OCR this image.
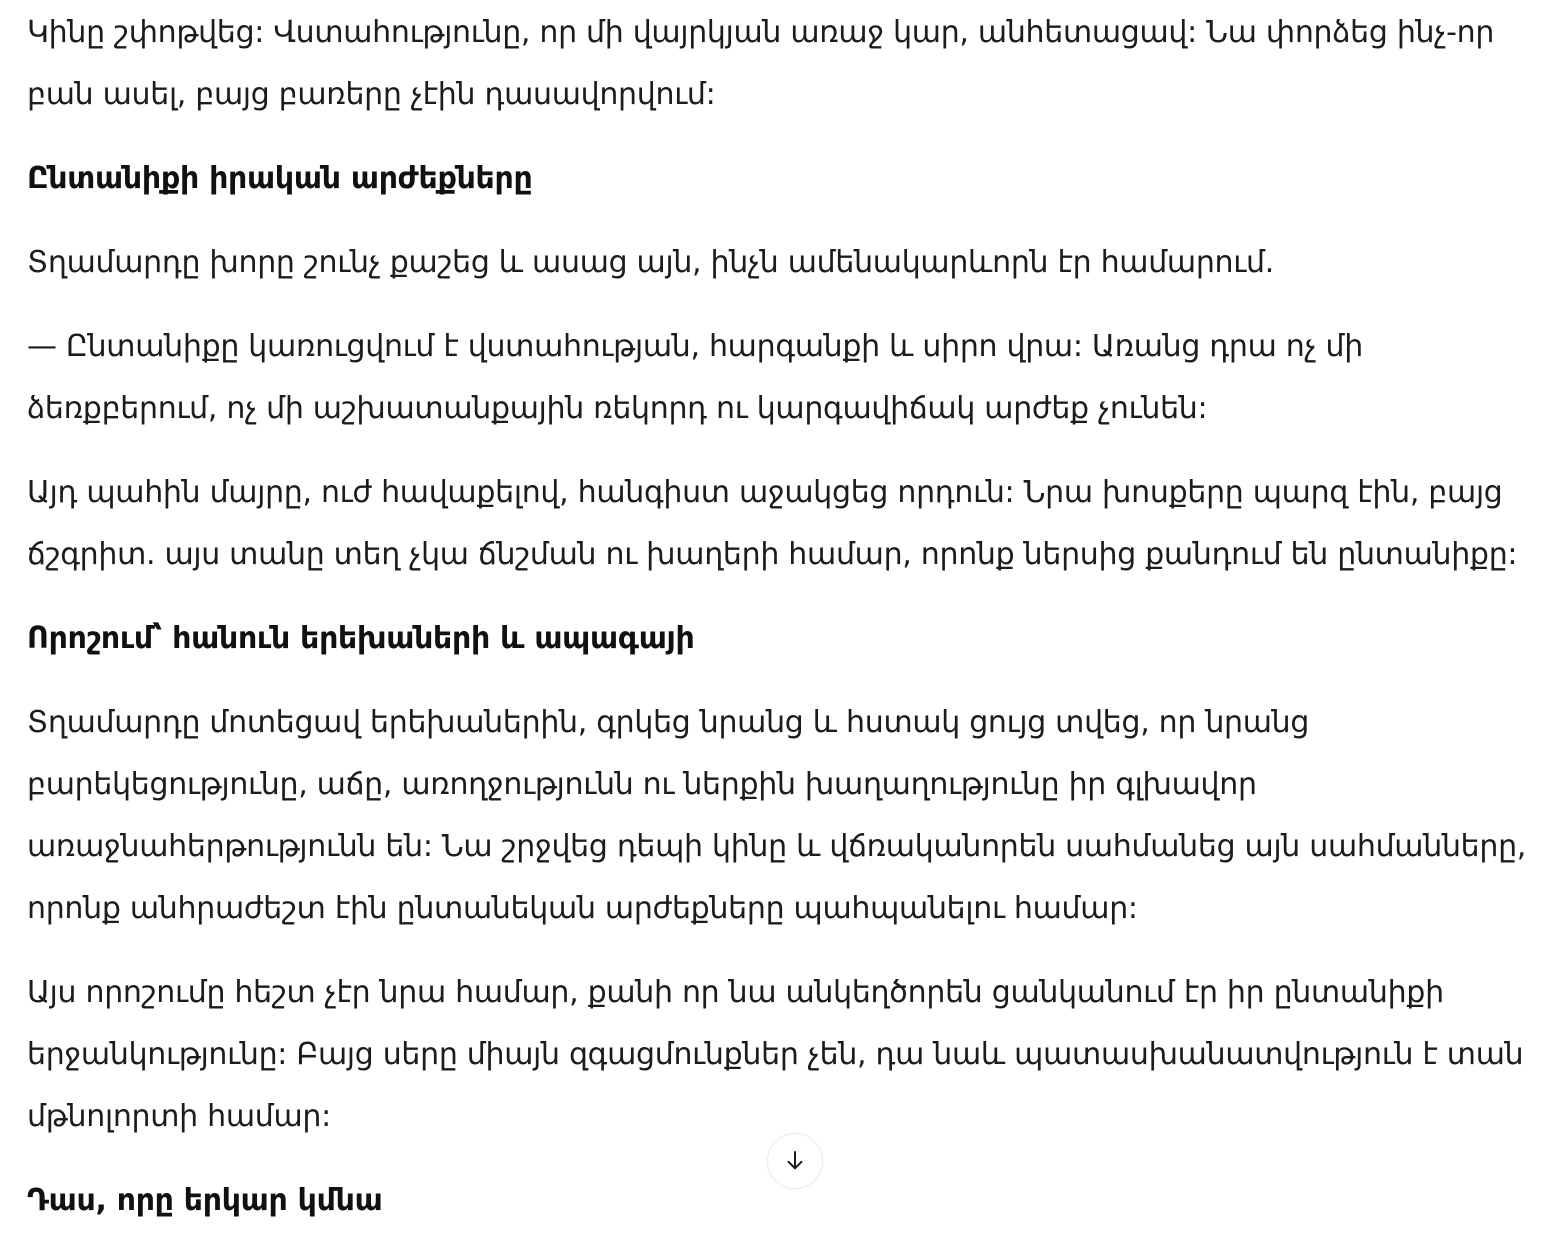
Կինը շփոթվեց: Վստահությունը, որ մի վայրկյան առաջ կար, անհետացավ: Նա փորձեց ինչ-որ բան ասել, բայց բառերը չէին դասավորվում:

Ընտանիքի իրական արժեքները

Տղամարդը խորը շունչ քաշեց և ասաց այն, ինչն ամենակարևորն էր համարում.

— Ընտանիքը կառուցվում է վստահության, հարգանքի և սիրո վրա: Առանց դրա ոչ մի ձեռքբերում, ոչ մի աշխատանքային ռեկորդ ու կարգավիճակ արժեք չունեն:

Այդ պահին մայրը, ուժ հավաքելով, հանգիստ աջակցեց որդուն: Նրա խոսքերը պարզ էին, բայց ճշգրիտ. այս տանը տեղ չկա ճնշման ու խաղերի համար, որոնք ներսից քանդում են ընտանիքը:

Որոշում՝ հանուն երեխաների և ապագայի

Տղամարդը մոտեցավ երեխաներին, գրկեց նրանց և հստակ ցույց տվեց, որ նրանց բարեկեցությունը, աճը, առողջությունն ու ներքին խաղաղությունը իր գլխավոր առաջնահերթությունն են: Նա շրջվեց դեպի կինը և վճռականորեն սահմանեց այն սահմանները, որոնք անհրաժեշտ էին ընտանեկան արժեքները պահպանելու համար:

Այս որոշումը հեշտ չէր նրա համար, քանի որ նա անկեղծորեն ցանկանում էր իր ընտանիքի երջանկությունը: Բայց սերը միայն զգացմունքներ չեն, դա նաև պատասխանատվություն է տան մթնոլորտի համար:

Դաս, որը երկար կմնա
